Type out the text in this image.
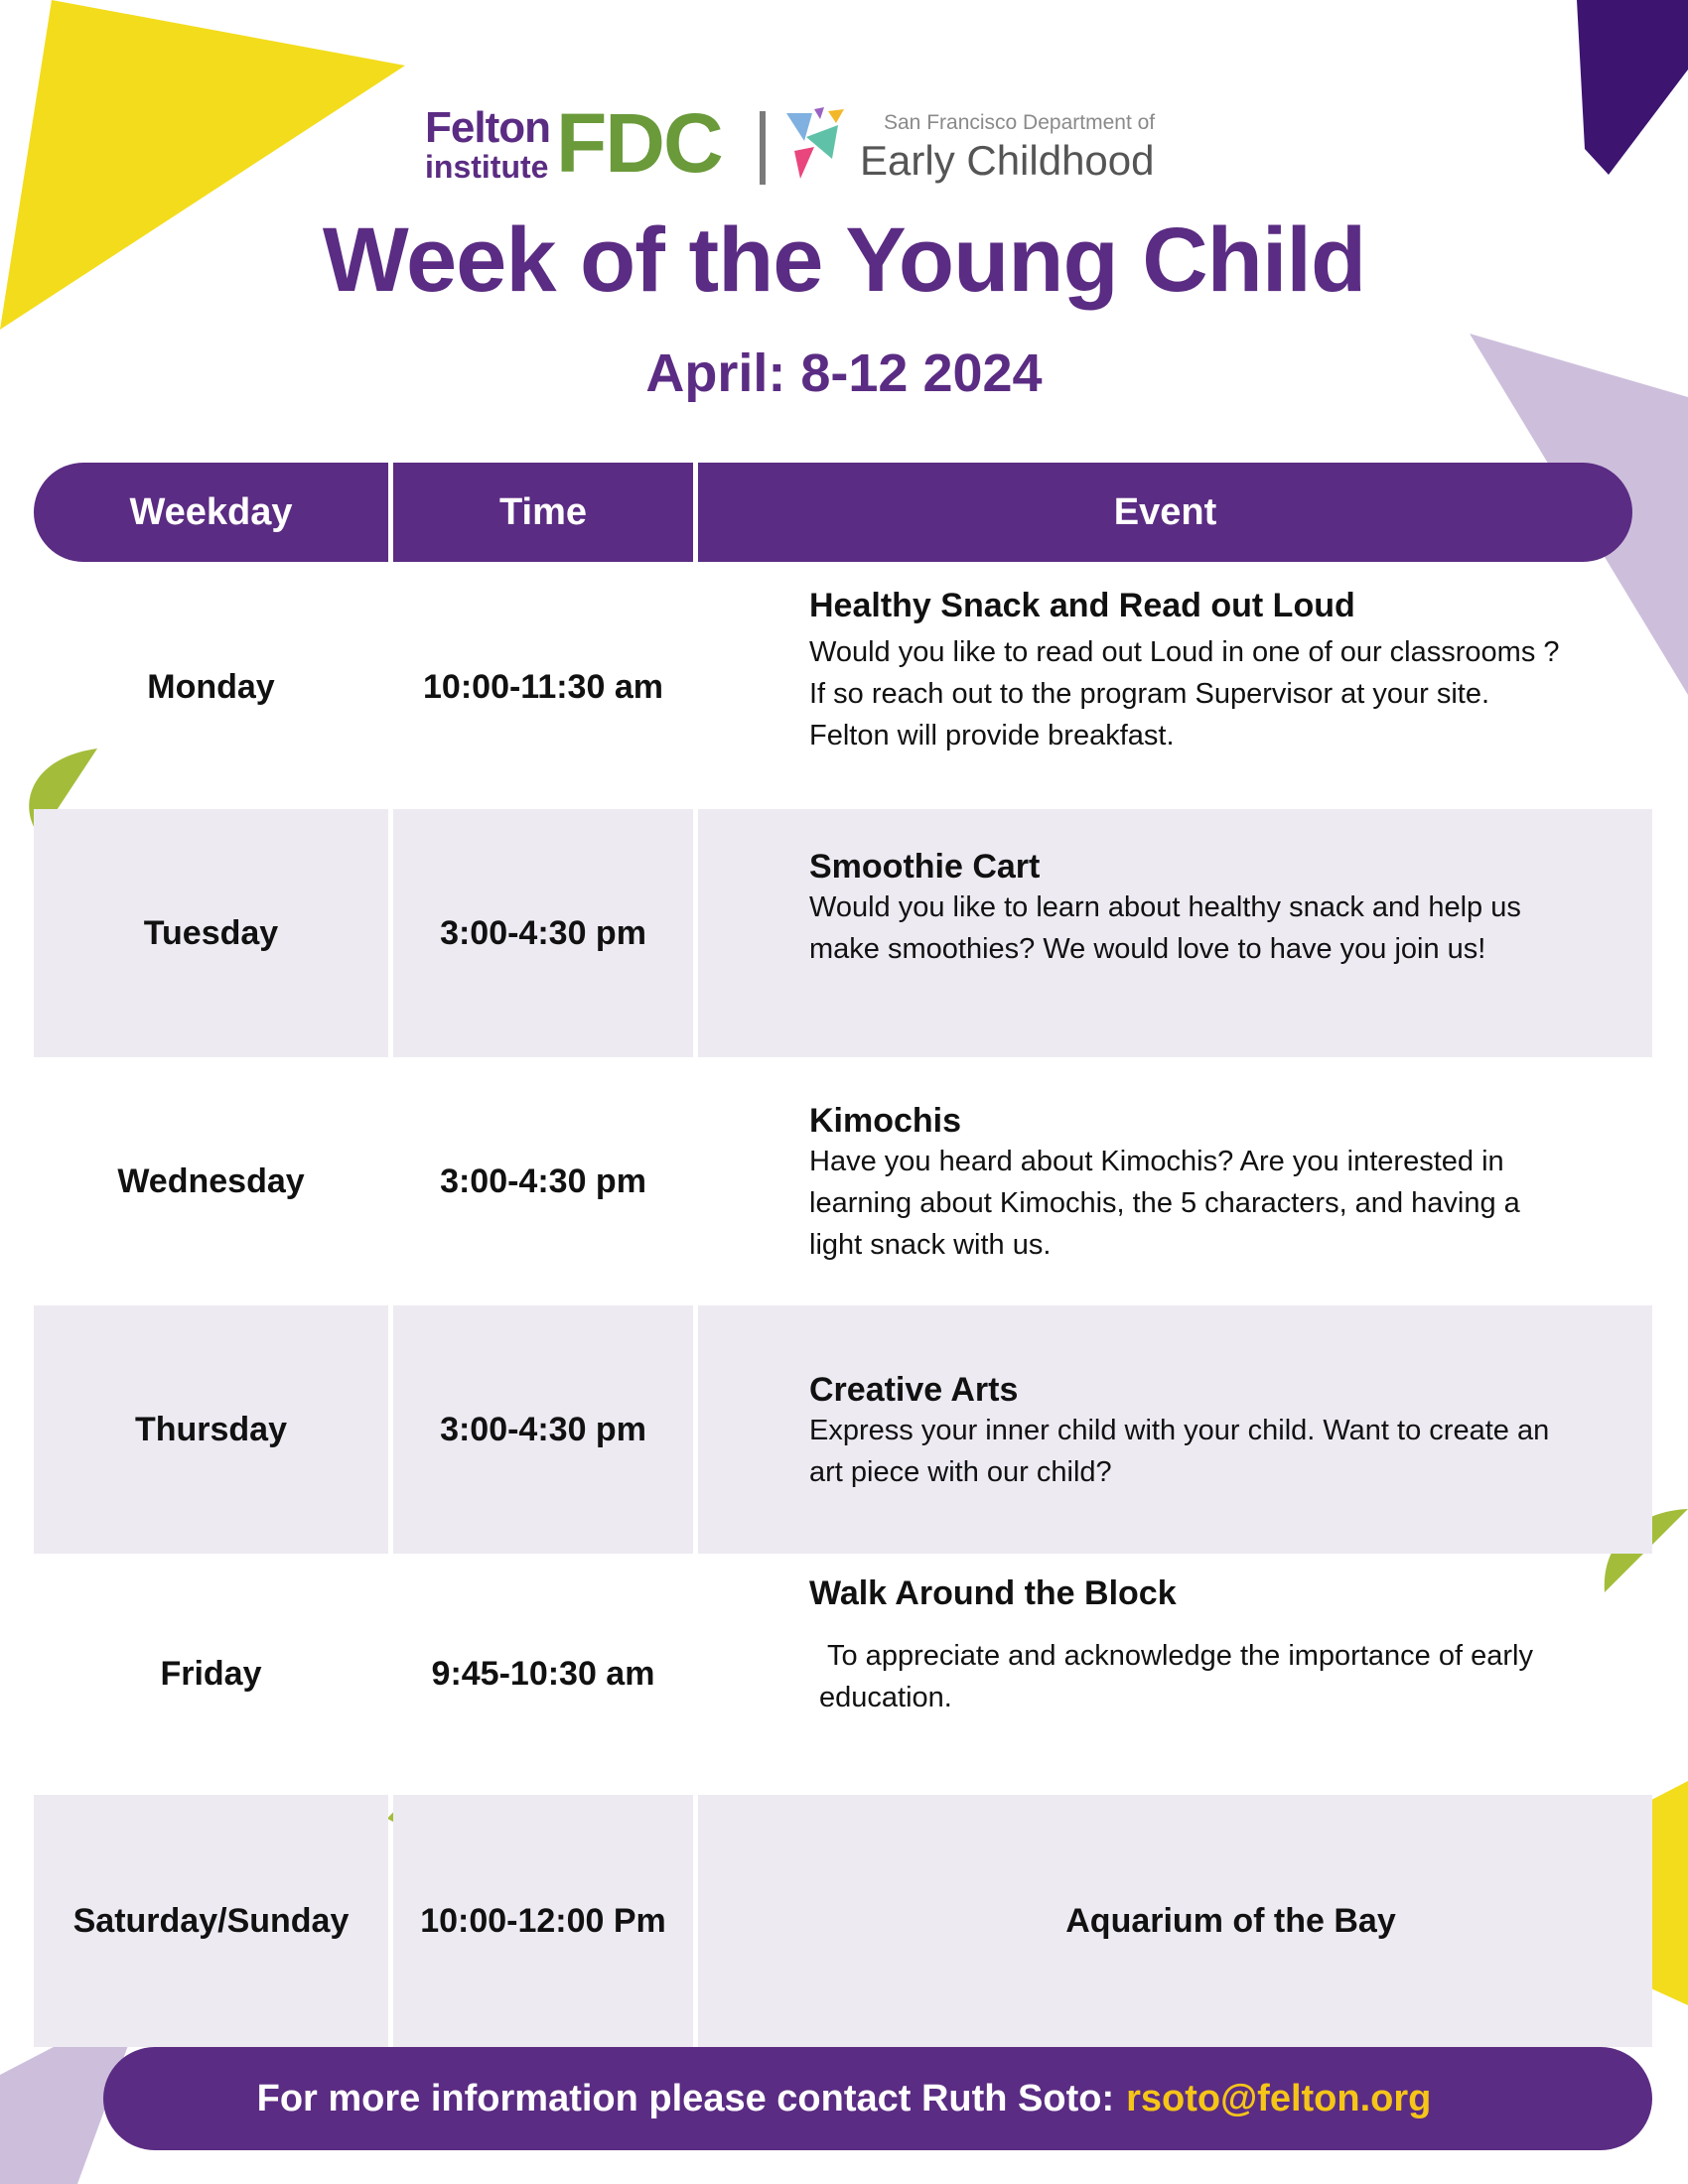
Felton
institute FDC	San Francisco Department of
Early Childhood
Week of the Young Child
April: 8-12 2024
Weekday	Time	Event
Monday	10:00-11:30 am
Healthy Snack and Read out Loud
Would you like to read out Loud in one of our classrooms ?
If so reach out to the program Supervisor at your site.
Felton will provide breakfast.
Tuesday	3:00-4:30 pm
Smoothie Cart
Would you like to learn about healthy snack and help us
make smoothies? We would love to have you join us!
Wednesday	3:00-4:30 pm
Kimochis
Have you heard about Kimochis? Are you interested in
learning about Kimochis, the 5 characters, and having a
light snack with us.
Thursday	3:00-4:30 pm
Creative Arts
Express your inner child with your child. Want to create an
art piece with our child?
Friday	9:45-10:30 am
Walk Around the Block
To appreciate and acknowledge the importance of early
education.
Saturday/Sunday	10:00-12:00 Pm	Aquarium of the Bay
For more information please contact Ruth Soto: rsoto@felton.org
